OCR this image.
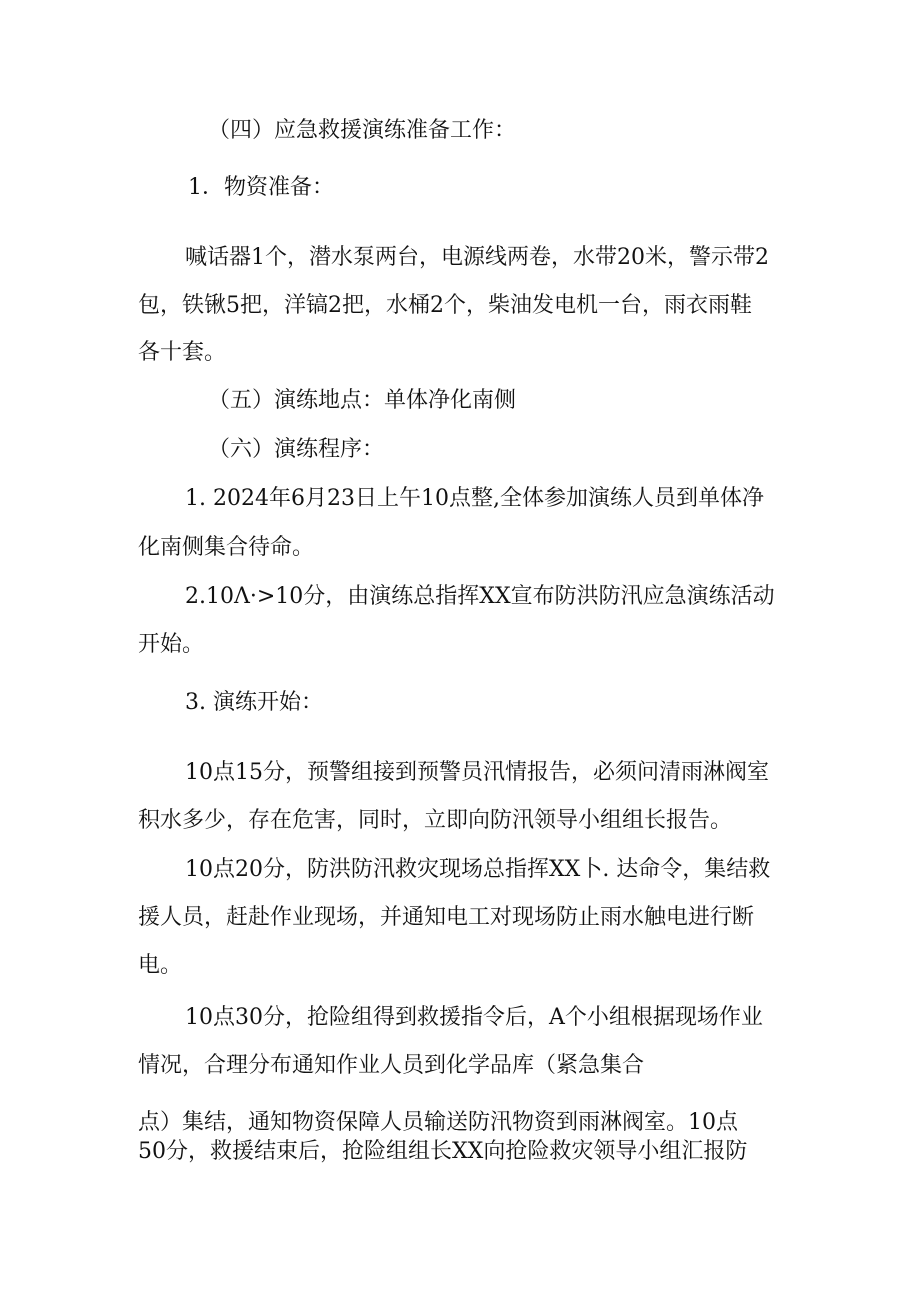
（四）应急救援演练准备工作：
1．物资准备：
喊话器1个，潜水泵两台，电源线两卷，水带20米，警示带2
包，铁锹5把，洋镐2把，水桶2个，柴油发电机一台，雨衣雨鞋
各十套。
（五）演练地点：单体净化南侧
（六）演练程序：
1. 2024年6月23日上午10点整,全体参加演练人员到单体净
化南侧集合待命。
2.10Λ·>10分，由演练总指挥XX宣布防洪防汛应急演练活动
开始。
3. 演练开始：
10点15分，预警组接到预警员汛情报告，必须问清雨淋阀室
积水多少，存在危害，同时，立即向防汛领导小组组长报告。
10点20分，防洪防汛救灾现场总指挥XX卜. 达命令，集结救
援人员，赶赴作业现场，并通知电工对现场防止雨水触电进行断
电。
10点30分，抢险组得到救援指令后，A个小组根据现场作业
情况，合理分布通知作业人员到化学品库（紧急集合
点）集结，通知物资保障人员输送防汛物资到雨淋阀室。10点
50分，救援结束后，抢险组组长XX向抢险救灾领导小组汇报防
